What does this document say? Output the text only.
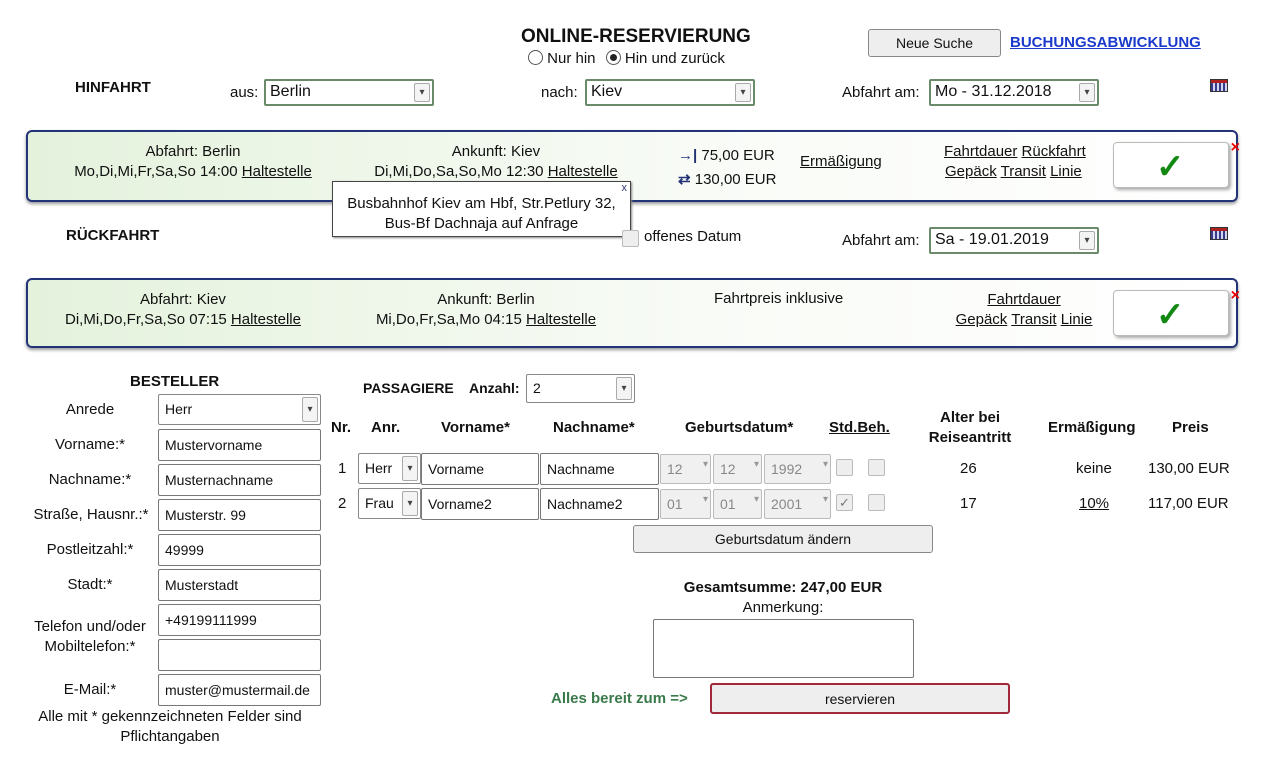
ONLINE-RESERVIERUNG
Nur hin Hin und zurück
Neue Suche	BUCHUNGSABWICKLUNG
HINFAHRT	aus: Berlin	▾	nach: Kiev	▾	Abfahrt am: Mo - 31.12.2018	▾
Abfahrt: Berlin
Mo,Di,Mi,Fr,Sa,So 14:00 Haltestelle
Ankunft: Kiev
Di,Mi,Do,Sa,So,Mo 12:30 Haltestelle
→| 75,00 EUR
⇄ 130,00 EUR
Ermäßigung
Fahrtdauer Rückfahrt
Gepäck Transit Linie ✓
×
x
Busbahnhof Kiev am Hbf, Str.Petlury 32,
Bus-Bf Dachnaja auf Anfrage
RÜCKFAHRT	offenes Datum	Abfahrt am: Sa - 19.01.2019	▾
Abfahrt: Kiev
Di,Mi,Do,Fr,Sa,So 07:15 Haltestelle
Ankunft: Berlin
Mi,Do,Fr,Sa,Mo 04:15 Haltestelle
Fahrtpreis inklusive	Fahrtdauer
Gepäck Transit Linie	✓
×
BESTELLER
Anrede	Herr	▾
Vorname:*	Mustervorname
Nachname:*	Musternachname
Straße, Hausnr.:*	Musterstr. 99
Postleitzahl:*	49999
Stadt:*	Musterstadt
Telefon und/oder
Mobiltelefon:*
+49199111999
E-Mail:*	muster@mustermail.de
Alle mit * gekennzeichneten Felder sind
Pflichtangaben
PASSAGIERE Anzahl: 2	▾
Nr. Anr.	Vorname*	Nachname*	Geburtsdatum* Std.Beh.
Alter bei
Reiseantritt
Ermäßigung Preis
1	Herr	▾	Vorname	Nachname	12 ▾ 12 ▾ 1992 ▾	26	keine 130,00 EUR
2	Frau	▾	Vorname2	Nachname2	01 ▾ 01 ▾ 2001 ▾ ✓	17	10%	117,00 EUR
Geburtsdatum ändern
Gesamtsumme: 247,00 EUR
Anmerkung:
Alles bereit zum =>	reservieren
